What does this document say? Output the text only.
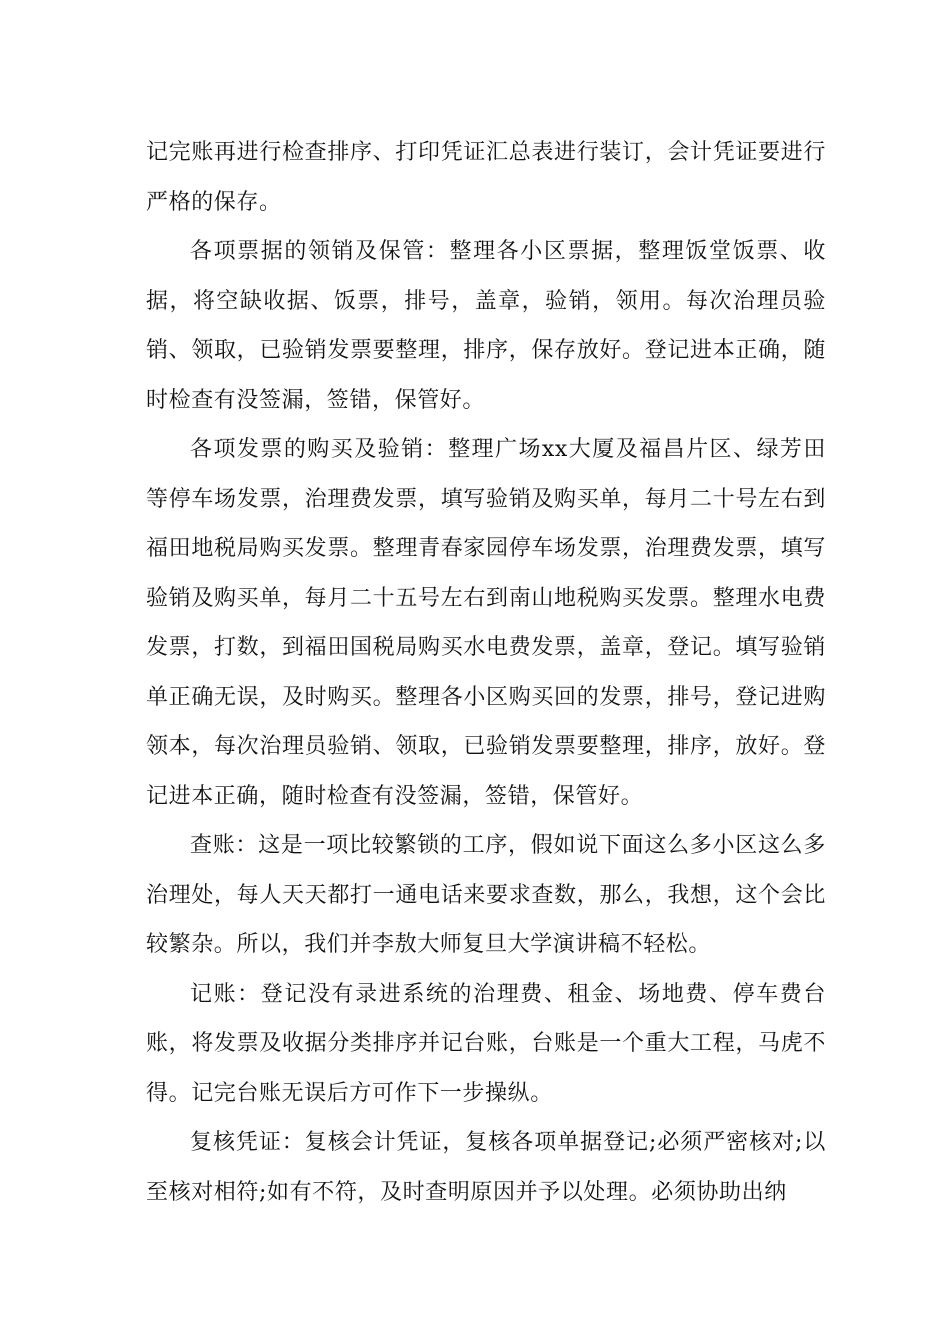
记完账再进行检查排序、打印凭证汇总表进行装订，会计凭证要进行严格的保存。

各项票据的领销及保管：整理各小区票据，整理饭堂饭票、收据，将空缺收据、饭票，排号，盖章，验销，领用。每次治理员验销、领取，已验销发票要整理，排序，保存放好。登记进本正确，随时检查有没签漏，签错，保管好。

各项发票的购买及验销：整理广场xx大厦及福昌片区、绿芳田等停车场发票，治理费发票，填写验销及购买单，每月二十号左右到福田地税局购买发票。整理青春家园停车场发票，治理费发票，填写验销及购买单，每月二十五号左右到南山地税购买发票。整理水电费发票，打数，到福田国税局购买水电费发票，盖章，登记。填写验销单正确无误，及时购买。整理各小区购买回的发票，排号，登记进购领本，每次治理员验销、领取，已验销发票要整理，排序，放好。登记进本正确，随时检查有没签漏，签错，保管好。

查账：这是一项比较繁锁的工序，假如说下面这么多小区这么多治理处，每人天天都打一通电话来要求查数，那么，我想，这个会比较繁杂。所以，我们并李敖大师复旦大学演讲稿不轻松。

记账：登记没有录进系统的治理费、租金、场地费、停车费台账，将发票及收据分类排序并记台账，台账是一个重大工程，马虎不得。记完台账无误后方可作下一步操纵。

复核凭证：复核会计凭证，复核各项单据登记;必须严密核对;以至核对相符;如有不符，及时查明原因并予以处理。必须协助出纳
